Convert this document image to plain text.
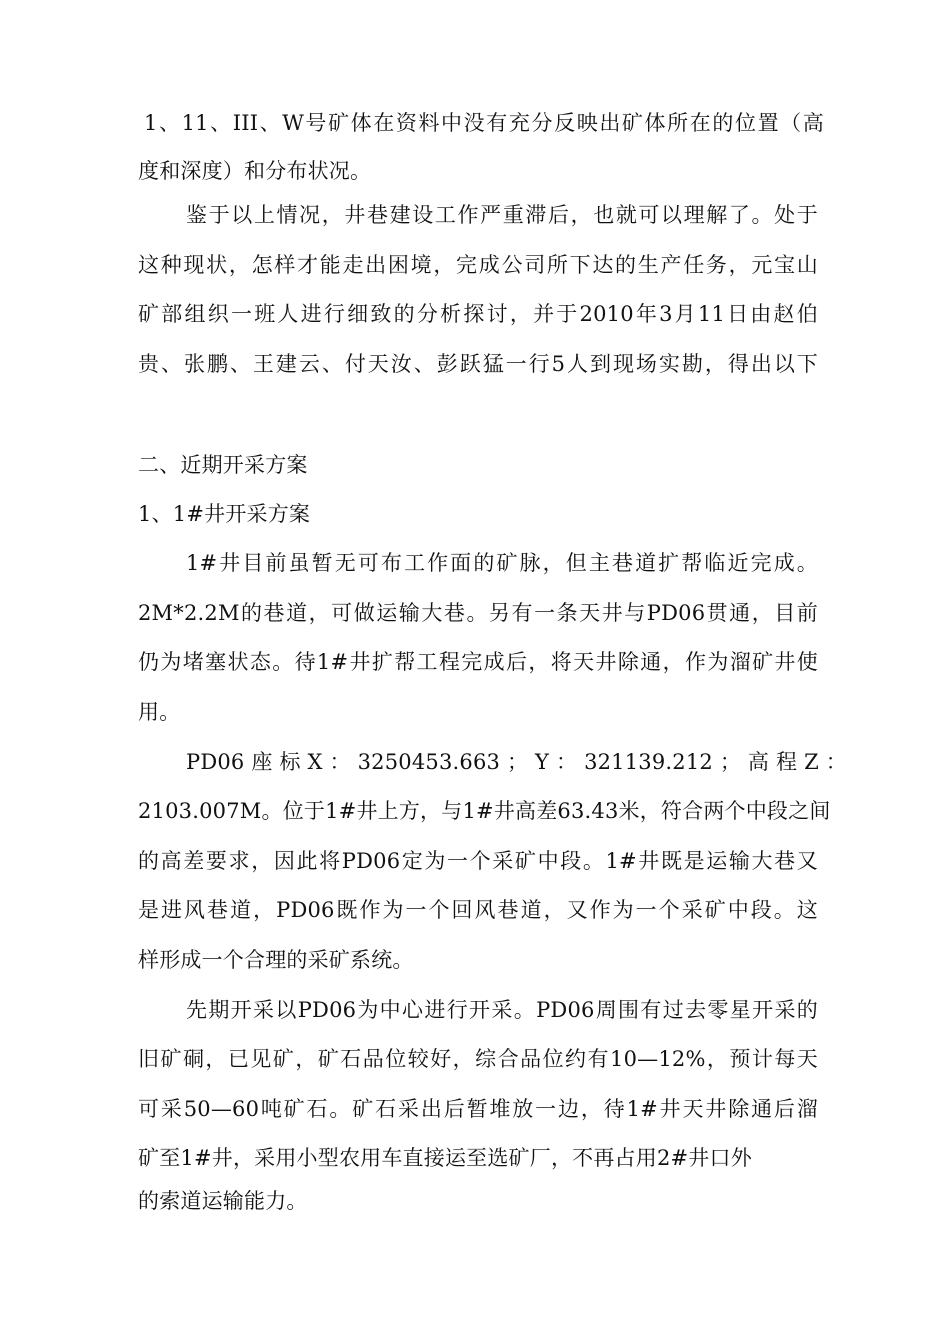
1、11、III、W号矿体在资料中没有充分反映出矿体所在的位置（高
度和深度）和分布状况。
鉴于以上情况，井巷建设工作严重滞后，也就可以理解了。处于
这种现状，怎样才能走出困境，完成公司所下达的生产任务，元宝山
矿部组织一班人进行细致的分析探讨，并于2010年3月11日由赵伯
贵、张鹏、王建云、付天汝、彭跃猛一行5人到现场实勘，得出以下
二、近期开采方案
1、1#井开采方案
1#井目前虽暂无可布工作面的矿脉，但主巷道扩帮临近完成。
2M*2.2M的巷道，可做运输大巷。另有一条天井与PD06贯通，目前
仍为堵塞状态。待1#井扩帮工程完成后，将天井除通，作为溜矿井使
用。
PD06 座 标 X ： 3250453.663 ； Y ： 321139.212 ； 高 程 Z ：
2103.007M。位于1#井上方，与1#井高差63.43米，符合两个中段之间
的高差要求，因此将PD06定为一个采矿中段。1#井既是运输大巷又
是进风巷道，PD06既作为一个回风巷道，又作为一个采矿中段。这
样形成一个合理的采矿系统。
先期开采以PD06为中心进行开采。PD06周围有过去零星开采的
旧矿硐，已见矿，矿石品位较好，综合品位约有10—12%，预计每天
可采50—60吨矿石。矿石采出后暂堆放一边，待1#井天井除通后溜
矿至1#井，采用小型农用车直接运至选矿厂，不再占用2#井口外
的索道运输能力。
